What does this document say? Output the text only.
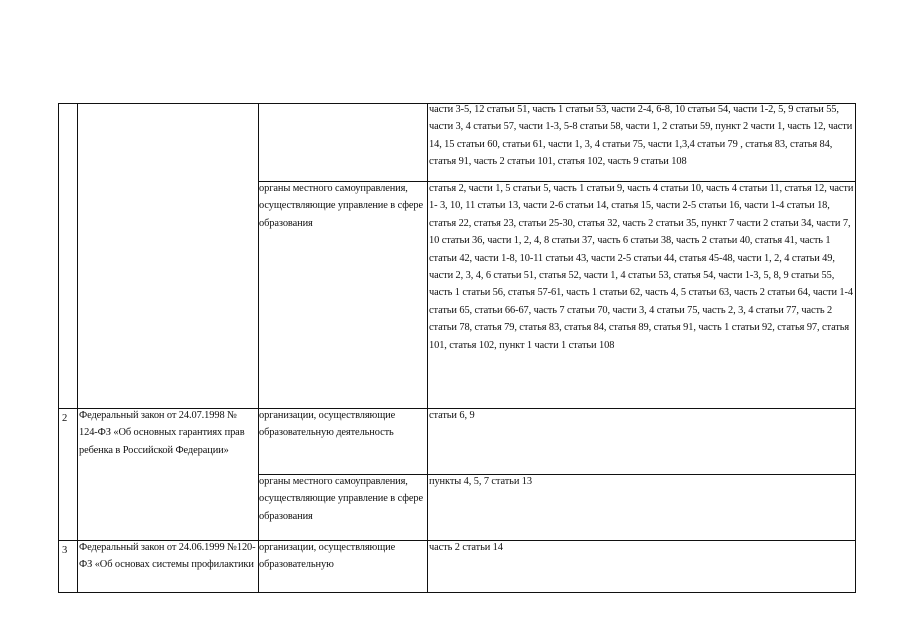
части 3-5, 12 статьи 51, часть 1 статьи 53, части 2-4, 6-8, 10 статьи 54, части 1-2, 5, 9 статьи 55, части 3, 4 статьи 57, части 1-3, 5-8 статьи 58, части 1, 2 статьи 59, пункт 2 части 1, часть 12, части 14, 15 статьи 60, статьи 61, части 1, 3, 4 статьи 75, части 1,3,4 статьи 79 , статья 83, статья 84, статья 91, часть 2 статьи 101, статья 102, часть 9 статьи 108
органы местного самоуправления, осуществляющие управление в сфере образования
статья 2, части 1, 5 статьи 5, часть 1 статьи 9, часть 4 статьи 10, часть 4 статьи 11, статья 12, части 1- 3, 10, 11 статьи 13, части 2-6 статьи 14, статья 15, части 2-5 статьи 16, части 1-4 статьи 18, статья 22, статья 23, статьи 25-30, статья 32, часть 2 статьи 35, пункт 7 части 2 статьи 34, части 7, 10 статьи 36, части 1, 2, 4, 8 статьи 37, часть 6 статьи 38, часть 2 статьи 40, статья 41, часть 1 статьи 42, части 1-8, 10-11 статьи 43, части 2-5 статьи 44, статья 45-48, части 1, 2, 4 статьи 49, части 2, 3, 4, 6 статьи 51, статья 52, части 1, 4 статьи 53, статья 54, части 1-3, 5, 8, 9 статьи 55, часть 1 статьи 56, статья 57-61, часть 1 статьи 62, часть 4, 5 статьи 63, часть 2 статьи 64, части 1-4 статьи 65, статьи 66-67, часть 7 статьи 70, части 3, 4 статьи 75, часть 2, 3, 4 статьи 77, часть 2 статьи 78, статья 79, статья 83, статья 84, статья 89, статья 91, часть 1 статьи 92, статья 97, статья 101, статья 102, пункт 1 части 1 статьи 108
2 Федеральный закон от 24.07.1998 № 124-ФЗ «Об основных гарантиях прав ребенка в Российской Федерации»
организации, осуществляющие образовательную деятельность
статьи 6, 9
органы местного самоуправления, осуществляющие управление в сфере образования
пункты 4, 5, 7 статьи 13
3 Федеральный закон от 24.06.1999 №120-ФЗ «Об основах системы профилактики
организации, осуществляющие образовательную
часть 2 статьи 14
